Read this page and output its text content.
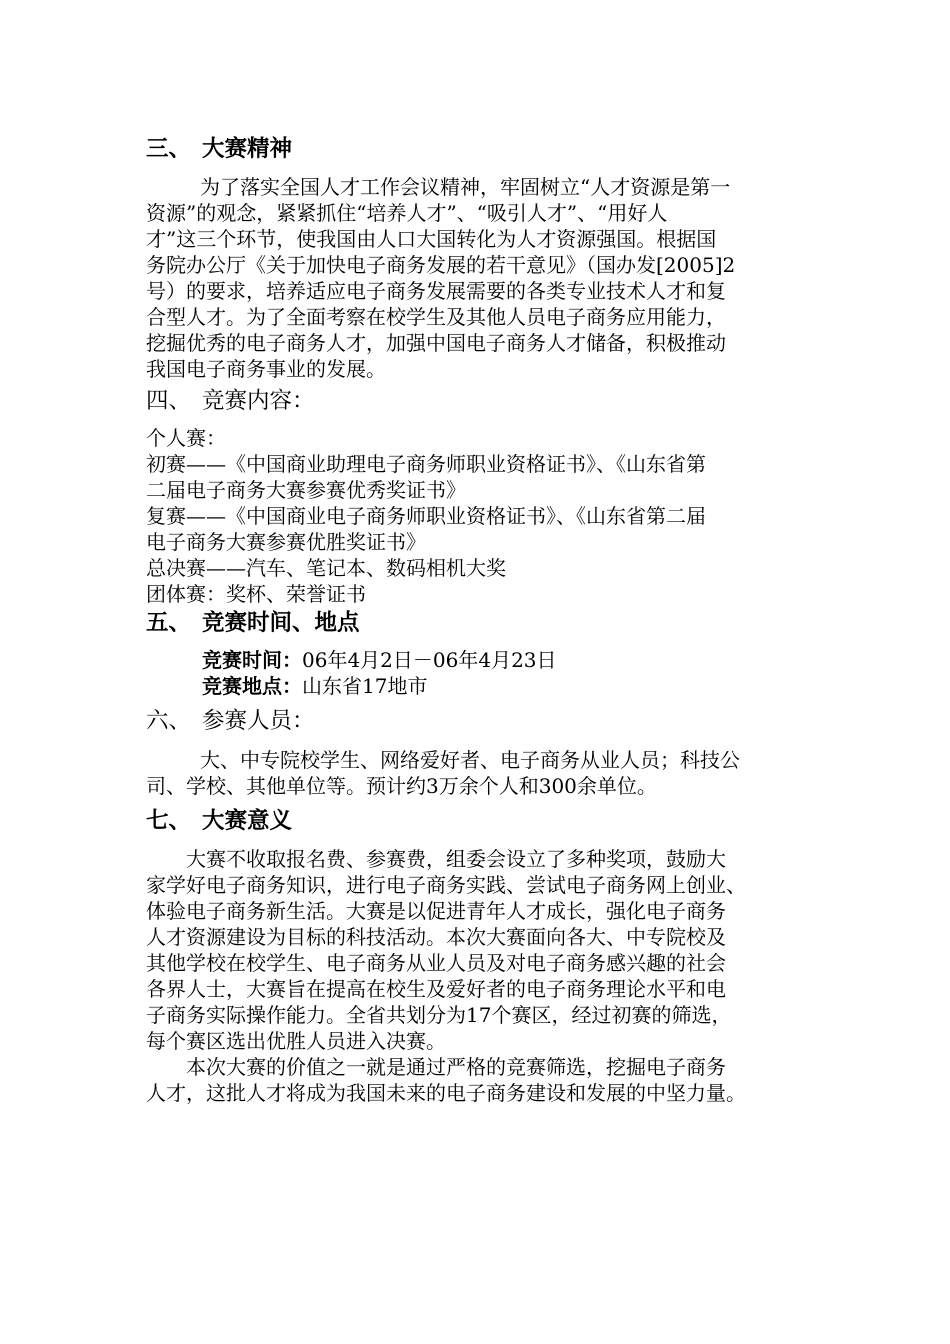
三、 大赛精神
为了落实全国人才工作会议精神，牢固树立“人才资源是第一
资源”的观念，紧紧抓住“培养人才”、“吸引人才”、“用好人
才”这三个环节，使我国由人口大国转化为人才资源强国。根据国
务院办公厅《关于加快电子商务发展的若干意见》（国办发[2005]2
号）的要求，培养适应电子商务发展需要的各类专业技术人才和复
合型人才。为了全面考察在校学生及其他人员电子商务应用能力，
挖掘优秀的电子商务人才，加强中国电子商务人才储备，积极推动
我国电子商务事业的发展。
四、 竞赛内容：
个人赛：
初赛——《中国商业助理电子商务师职业资格证书》、《山东省第
二届电子商务大赛参赛优秀奖证书》
复赛——《中国商业电子商务师职业资格证书》、《山东省第二届
电子商务大赛参赛优胜奖证书》
总决赛——汽车、笔记本、数码相机大奖
团体赛：奖杯、荣誉证书
五、 竞赛时间、地点
竞赛时间：06年4月2日－06年4月23日
竞赛地点：山东省17地市
六、 参赛人员：
大、中专院校学生、网络爱好者、电子商务从业人员；科技公
司、学校、其他单位等。预计约3万余个人和300余单位。
七、 大赛意义
大赛不收取报名费、参赛费，组委会设立了多种奖项，鼓励大
家学好电子商务知识，进行电子商务实践、尝试电子商务网上创业、
体验电子商务新生活。大赛是以促进青年人才成长，强化电子商务
人才资源建设为目标的科技活动。本次大赛面向各大、中专院校及
其他学校在校学生、电子商务从业人员及对电子商务感兴趣的社会
各界人士，大赛旨在提高在校生及爱好者的电子商务理论水平和电
子商务实际操作能力。全省共划分为17个赛区，经过初赛的筛选，
每个赛区选出优胜人员进入决赛。
本次大赛的价值之一就是通过严格的竞赛筛选，挖掘电子商务
人才，这批人才将成为我国未来的电子商务建设和发展的中坚力量。
